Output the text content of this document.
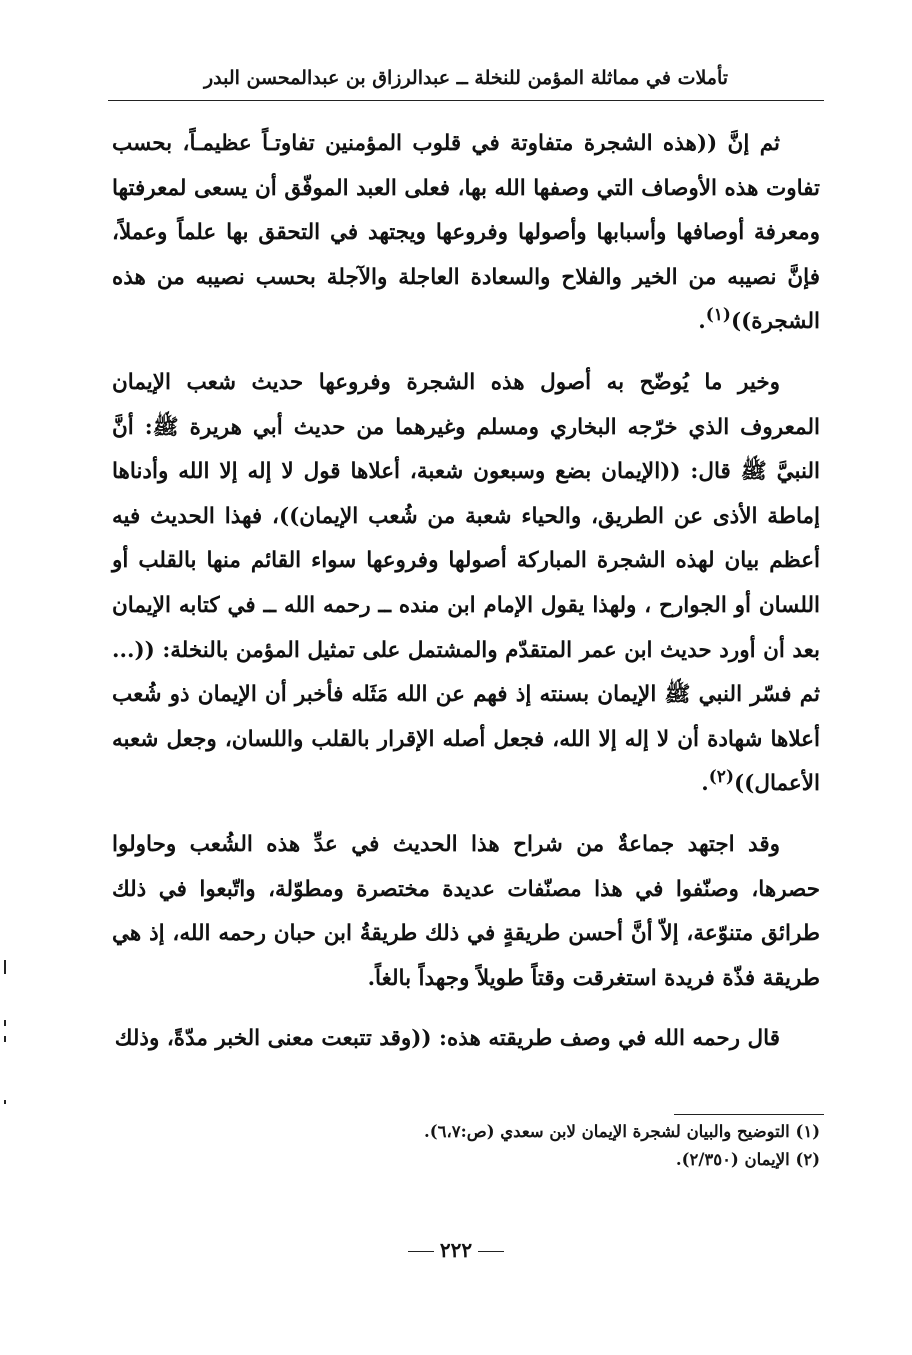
تأملات في مماثلة المؤمن للنخلة ــ عبدالرزاق بن عبدالمحسن البدر

ثم إنَّ ((هذه الشجرة متفاوتة في قلوب المؤمنين تفاوتـاً عظيمـاً، بحسب تفاوت هذه الأوصاف التي وصفها الله بها، فعلى العبد الموفّق أن يسعى لمعرفتها ومعرفة أوصافها وأسبابها وأصولها وفروعها ويجتهد في التحقق بها علماً وعملاً، فإنَّ نصيبه من الخير والفلاح والسعادة العاجلة والآجلة بحسب نصيبه من هذه الشجرة))$^{(١)}$.

وخير ما يُوضّح به أصول هذه الشجرة وفروعها حديث شعب الإيمان المعروف الذي خرّجه البخاري ومسلم وغيرهما من حديث أبي هريرة ﷺ: أنَّ النبيَّ ﷺ قال: ((الإيمان بضع وسبعون شعبة، أعلاها قول لا إله إلا الله وأدناها إماطة الأذى عن الطريق، والحياء شعبة من شُعب الإيمان))، فهذا الحديث فيه أعظم بيان لهذه الشجرة المباركة أصولها وفروعها سواء القائم منها بالقلب أو اللسان أو الجوارح ، ولهذا يقول الإمام ابن منده ــ رحمه الله ــ في كتابه الإيمان بعد أن أورد حديث ابن عمر المتقدّم والمشتمل على تمثيل المؤمن بالنخلة: ((... ثم فسّر النبي ﷺ الإيمان بسنته إذ فهم عن الله مَثَله فأخبر أن الإيمان ذو شُعب أعلاها شهادة أن لا إله إلا الله، فجعل أصله الإقرار بالقلب واللسان، وجعل شعبه الأعمال))$^{(٢)}$.

وقد اجتهد جماعةٌ من شراح هذا الحديث في عدِّ هذه الشُعب وحاولوا حصرها، وصنّفوا في هذا مصنّفات عديدة مختصرة ومطوّلة، واتّبعوا في ذلك طرائق متنوّعة، إلاّ أنَّ أحسن طريقةٍ في ذلك طريقةُ ابن حبان رحمه الله، إذ هي طريقة فذّة فريدة استغرقت وقتاً طويلاً وجهداً بالغاً.

قال رحمه الله في وصف طريقته هذه: ((وقد تتبعت معنى الخبر مدّةً، وذلك

(١) التوضيح والبيان لشجرة الإيمان لابن سعدي (ص:٦،٧).
(٢) الإيمان (٢/٣٥٠).
٢٢٢
